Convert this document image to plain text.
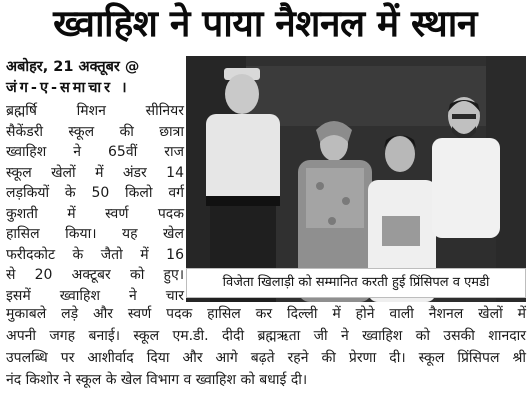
ख्वाहिश ने पाया नैशनल में स्थान
अबोहर, 21 अक्तूबर @
जंग-ए-समाचार ।
ब्रह्मर्षि मिशन सीनियर
सैकेंडरी स्कूल की छात्रा
ख्वाहिश ने 65वीं राज
स्कूल खेलों में अंडर 14
लड़कियों के 50 किलो वर्ग
कुशती में स्वर्ण पदक
हासिल किया। यह खेल
फरीदकोट के जैतो में 16
से 20 अक्टूबर को हुए।
इसमें ख्वाहिश ने चार
विजेता खिलाड़ी को सम्मानित करती हुई प्रिंसिपल व एमडी
मुकाबले लड़े और स्वर्ण पदक हासिल कर दिल्ली में होने वाली नैशनल खेलों में
अपनी जगह बनाई। स्कूल एम.डी. दीदी ब्रह्मऋता जी ने ख्वाहिश को उसकी शानदार
उपलब्धि पर आशीर्वाद दिया और आगे बढ़ते रहने की प्रेरणा दी। स्कूल प्रिंसिपल श्री
नंद किशोर ने स्कूल के खेल विभाग व ख्वाहिश को बधाई दी।
